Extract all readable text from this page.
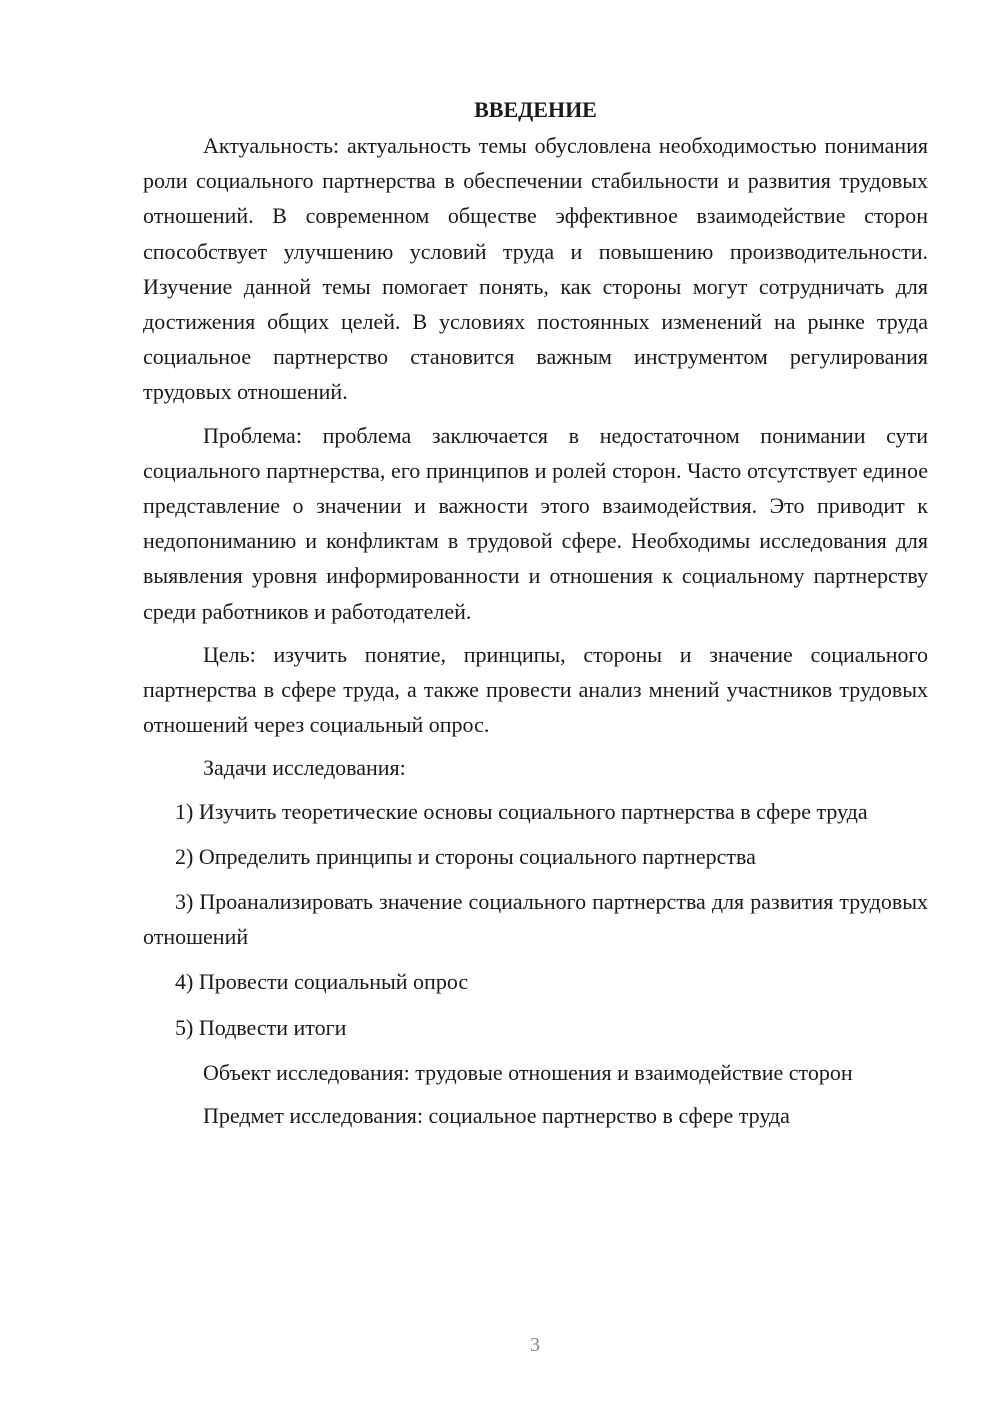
ВВЕДЕНИЕ

Актуальность: актуальность темы обусловлена необходимостью понимания роли социального партнерства в обеспечении стабильности и развития трудовых отношений. В современном обществе эффективное взаимодействие сторон способствует улучшению условий труда и повышению производительности. Изучение данной темы помогает понять, как стороны могут сотрудничать для достижения общих целей. В условиях постоянных изменений на рынке труда социальное партнерство становится важным инструментом регулирования трудовых отношений.

Проблема: проблема заключается в недостаточном понимании сути социального партнерства, его принципов и ролей сторон. Часто отсутствует единое представление о значении и важности этого взаимодействия. Это приводит к недопониманию и конфликтам в трудовой сфере. Необходимы исследования для выявления уровня информированности и отношения к социальному партнерству среди работников и работодателей.

Цель: изучить понятие, принципы, стороны и значение социального партнерства в сфере труда, а также провести анализ мнений участников трудовых отношений через социальный опрос.

Задачи исследования:

1) Изучить теоретические основы социального партнерства в сфере труда

2) Определить принципы и стороны социального партнерства

3) Проанализировать значение социального партнерства для развития трудовых отношений

4) Провести социальный опрос

5) Подвести итоги

Объект исследования: трудовые отношения и взаимодействие сторон

Предмет исследования: социальное партнерство в сфере труда

3
